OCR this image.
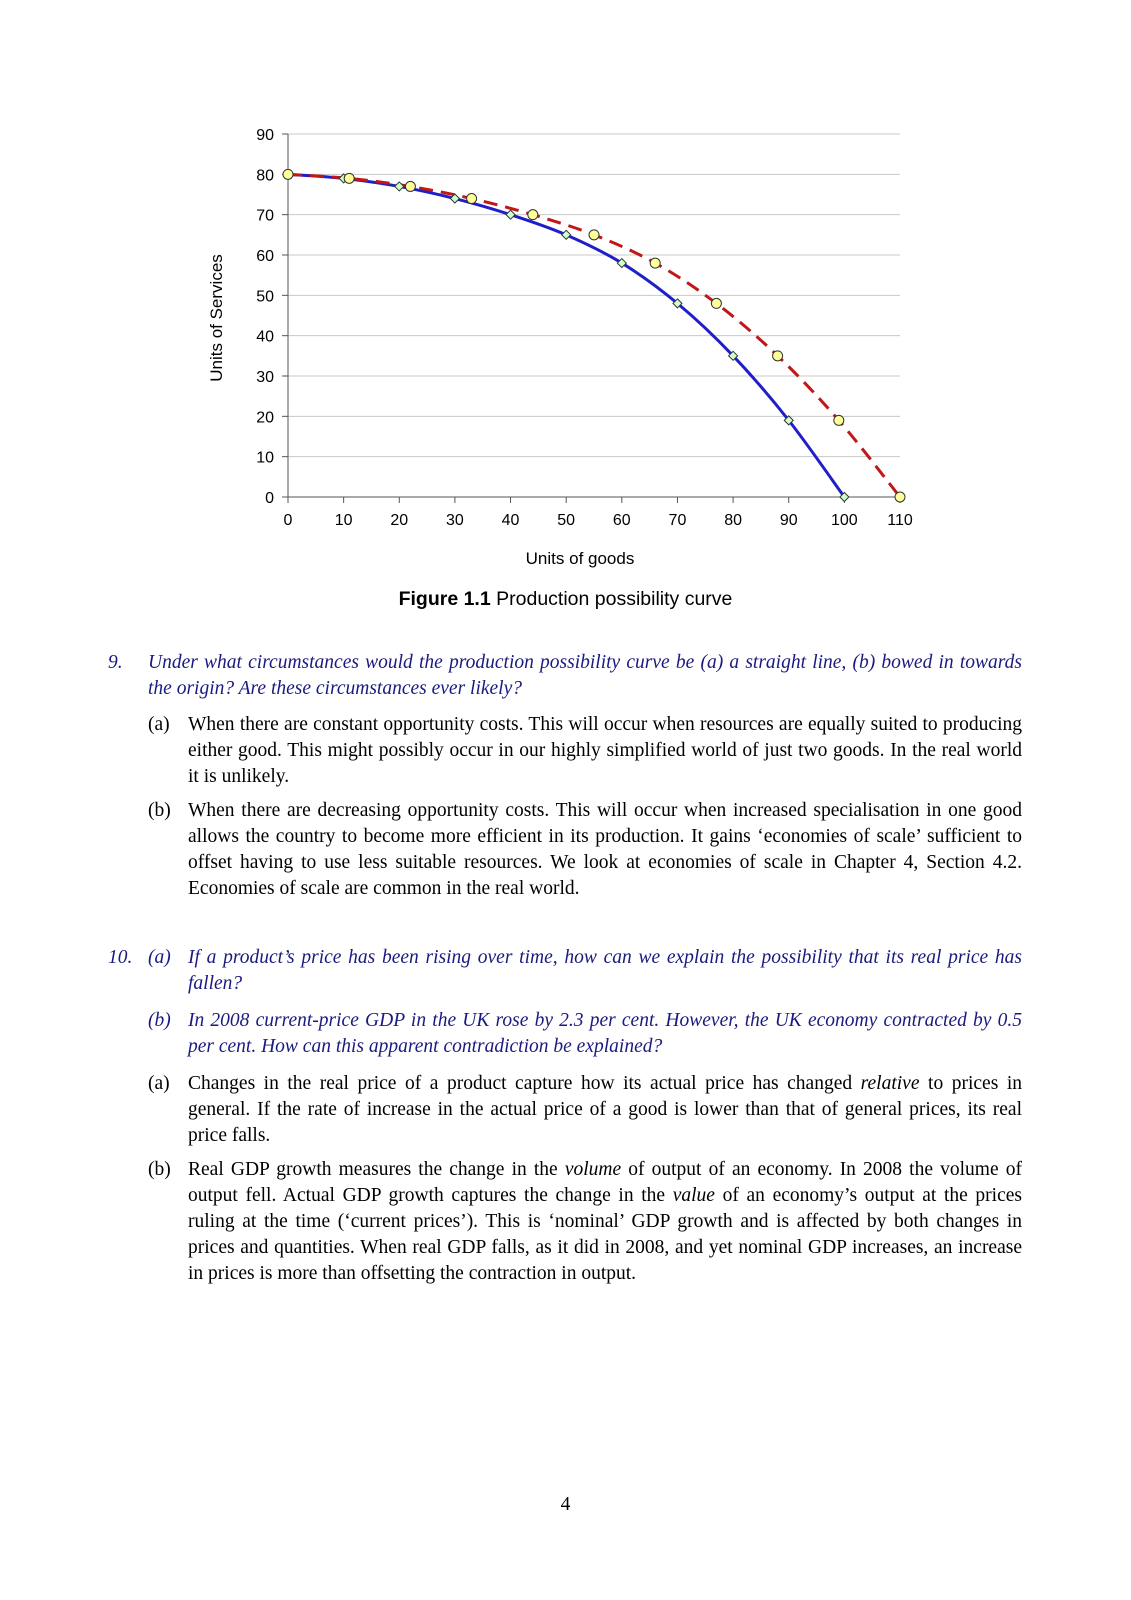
0
10
20
30
40
50
60
70
80
90
0	10 20 30 40 50 60 70 80 90 100 110
Units of goods
Units of Services
Figure 1.1 Production possibility curve
9. Under what circumstances would the production possibility curve be (a) a straight line, (b) bowed in towards the origin? Are these circumstances ever likely?
(a) When there are constant opportunity costs. This will occur when resources are equally suited to producing either good. This might possibly occur in our highly simplified world of just two goods. In the real world it is unlikely.
(b) When there are decreasing opportunity costs. This will occur when increased specialisation in one good allows the country to become more efficient in its production. It gains ‘economies of scale’ sufficient to offset having to use less suitable resources. We look at economies of scale in Chapter 4, Section 4.2. Economies of scale are common in the real world.
10. (a) If a product’s price has been rising over time, how can we explain the possibility that its real price has fallen?
(b) In 2008 current-price GDP in the UK rose by 2.3 per cent. However, the UK economy contracted by 0.5 per cent. How can this apparent contradiction be explained?
(a) Changes in the real price of a product capture how its actual price has changed relative to prices in general. If the rate of increase in the actual price of a good is lower than that of general prices, its real price falls.
(b) Real GDP growth measures the change in the volume of output of an economy. In 2008 the volume of output fell. Actual GDP growth captures the change in the value of an economy’s output at the prices ruling at the time (‘current prices’). This is ‘nominal’ GDP growth and is affected by both changes in prices and quantities. When real GDP falls, as it did in 2008, and yet nominal GDP increases, an increase in prices is more than offsetting the contraction in output.
4
